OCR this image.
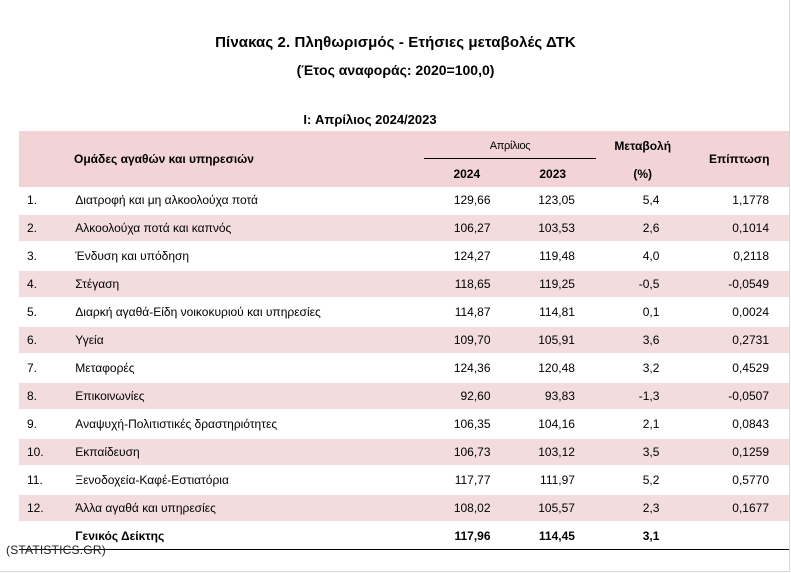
Πίνακας 2. Πληθωρισμός - Ετήσιες μεταβολές ΔΤΚ
(Έτος αναφοράς: 2020=100,0)
I: Απρίλιος 2024/2023
Ομάδες αγαθών και υπηρεσιών		Απρίλιος		Μεταβολή	Επίπτωση
		2024	2023	(%)	
1.	Διατροφή και μη αλκοολούχα ποτά	129,66	123,05	5,4	1,1778
2.	Αλκοολούχα ποτά και καπνός	106,27	103,53	2,6	0,1014
3.	Ένδυση και υπόδηση	124,27	119,48	4,0	0,2118
4.	Στέγαση	118,65	119,25	-0,5	-0,0549
5.	Διαρκή αγαθά-Είδη νοικοκυριού και υπηρεσίες	114,87	114,81	0,1	0,0024
6.	Υγεία	109,70	105,91	3,6	0,2731
7.	Μεταφορές	124,36	120,48	3,2	0,4529
8.	Επικοινωνίες	92,60	93,83	-1,3	-0,0507
9.	Αναψυχή-Πολιτιστικές δραστηριότητες	106,35	104,16	2,1	0,0843
10.	Εκπαίδευση	106,73	103,12	3,5	0,1259
11.	Ξενοδοχεία-Καφέ-Εστιατόρια	117,77	111,97	5,2	0,5770
12.	Άλλα αγαθά και υπηρεσίες	108,02	105,57	2,3	0,1677
	Γενικός Δείκτης	117,96	114,45	3,1	
(STATISTICS.GR)
